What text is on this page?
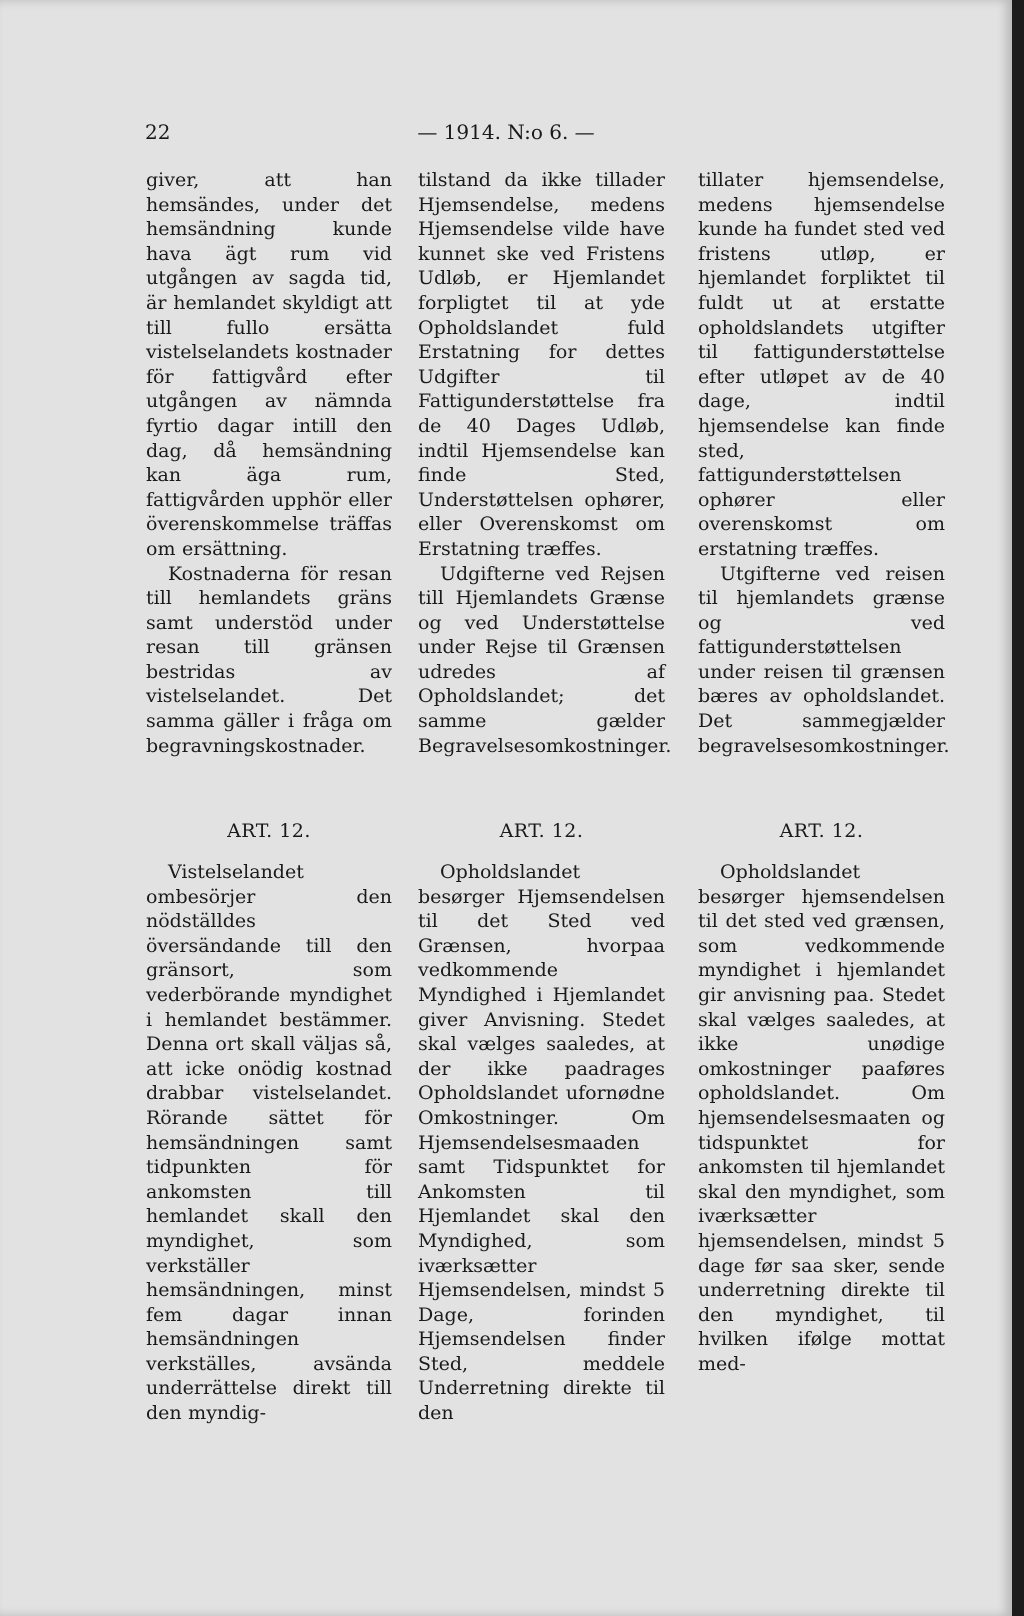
22	— 1914. N:o 6. —

giver, att han hemsändes, under det hemsändning kunde hava ägt rum vid utgången av sagda tid, är hemlandet skyldigt att till fullo ersätta vistelselandets kostnader för fattigvård efter utgången av nämnda fyrtio dagar intill den dag, då hemsändning kan äga rum, fattigvården upphör eller överenskommelse träffas om ersättning.

Kostnaderna för resan till hemlandets gräns samt understöd under resan till gränsen bestridas av vistelselandet. Det samma gäller i fråga om begravningskostnader.

tilstand da ikke tillader Hjemsendelse, medens Hjemsendelse vilde have kunnet ske ved Fristens Udløb, er Hjemlandet forpligtet til at yde Opholdslandet fuld Erstatning for dettes Udgifter til Fattigunderstøttelse fra de 40 Dages Udløb, indtil Hjemsendelse kan finde Sted, Understøttelsen ophører, eller Overenskomst om Erstatning træffes.

Udgifterne ved Rejsen till Hjemlandets Grænse og ved Understøttelse under Rejse til Grænsen udredes af Opholdslandet; det samme gælder Begravelsesomkostninger.

tillater hjemsendelse, medens hjemsendelse kunde ha fundet sted ved fristens utløp, er hjemlandet forpliktet til fuldt ut at erstatte opholdslandets utgifter til fattigunderstøttelse efter utløpet av de 40 dage, indtil hjemsendelse kan finde sted, fattigunderstøttelsen ophører eller overenskomst om erstatning træffes.

Utgifterne ved reisen til hjemlandets grænse og ved fattigunderstøttelsen under reisen til grænsen bæres av opholdslandet. Det sammegjælder begravelsesomkostninger.

ART. 12.	ART. 12.	ART. 12.

Vistelselandet ombesörjer den nödställdes översändande till den gränsort, som vederbörande myndighet i hemlandet bestämmer. Denna ort skall väljas så, att icke onödig kostnad drabbar vistelselandet. Rörande sättet för hemsändningen samt tidpunkten för ankomsten till hemlandet skall den myndighet, som verkställer hemsändningen, minst fem dagar innan hemsändningen verkställes, avsända underrättelse direkt till den myndig-

Opholdslandet besørger Hjemsendelsen til det Sted ved Grænsen, hvorpaa vedkommende Myndighed i Hjemlandet giver Anvisning. Stedet skal vælges saaledes, at der ikke paadrages Opholdslandet ufornødne Omkostninger. Om Hjemsendelsesmaaden samt Tidspunktet for Ankomsten til Hjemlandet skal den Myndighed, som iværksætter Hjemsendelsen, mindst 5 Dage, forinden Hjemsendelsen finder Sted, meddele Underretning direkte til den

Opholdslandet besørger hjemsendelsen til det sted ved grænsen, som vedkommende myndighet i hjemlandet gir anvisning paa. Stedet skal vælges saaledes, at ikke unødige omkostninger paaføres opholdslandet. Om hjemsendelsesmaaten og tidspunktet for ankomsten til hjemlandet skal den myndighet, som iværksætter hjemsendelsen, mindst 5 dage før saa sker, sende underretning direkte til den myndighet, til hvilken ifølge mottat med-
